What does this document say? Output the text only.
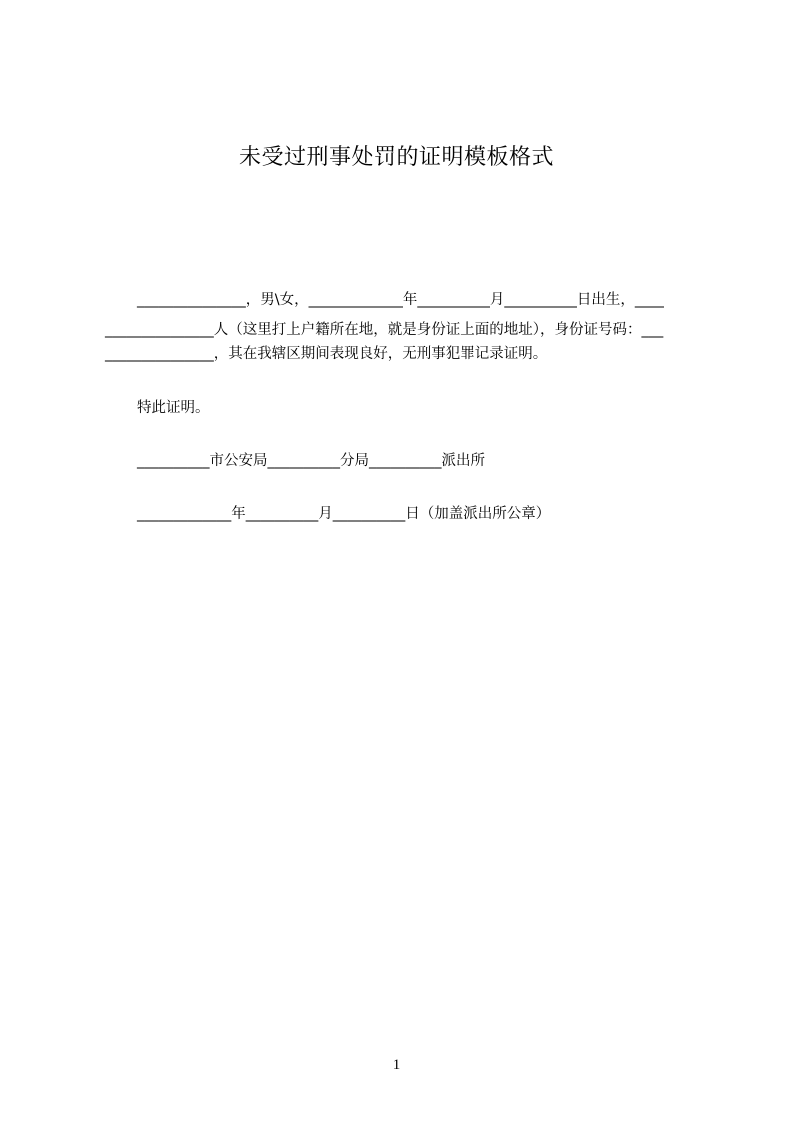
未受过刑事处罚的证明模板格式
_______________，男\女，_____________年__________月__________日出生，____
_______________人（这里打上户籍所在地，就是身份证上面的地址），身份证号码：___
_______________，其在我辖区期间表现良好，无刑事犯罪记录证明。
特此证明。
__________市公安局__________分局__________派出所
_____________年__________月__________日（加盖派出所公章）
1
